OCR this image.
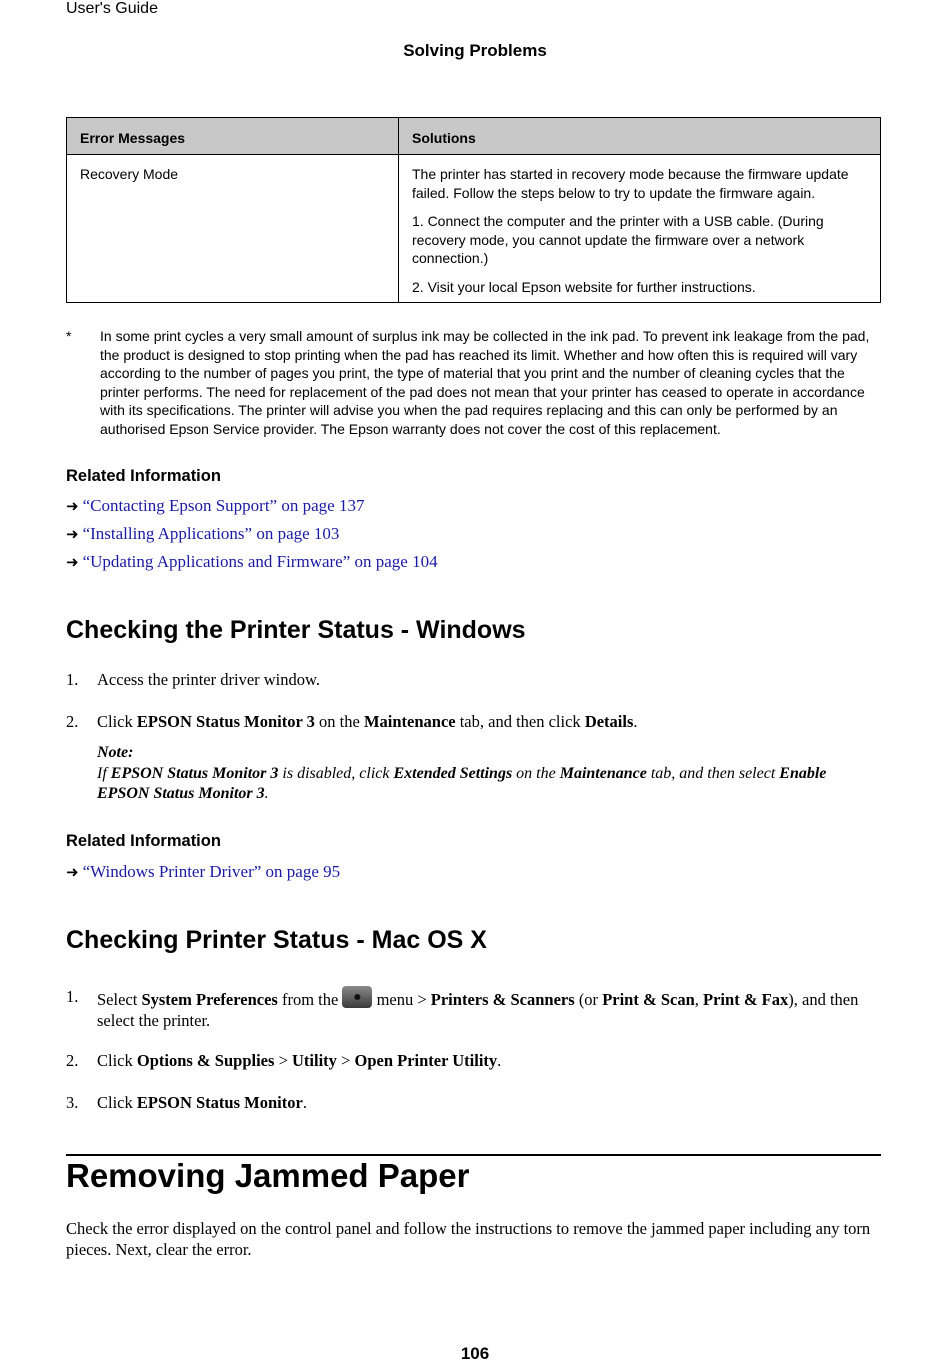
User's Guide
Solving Problems
Error Messages	Solutions
Recovery Mode	The printer has started in recovery mode because the firmware update failed. Follow the steps below to try to update the firmware again.

1. Connect the computer and the printer with a USB cable. (During recovery mode, you cannot update the firmware over a network connection.)

2. Visit your local Epson website for further instructions.

* In some print cycles a very small amount of surplus ink may be collected in the ink pad. To prevent ink leakage from the pad, the product is designed to stop printing when the pad has reached its limit. Whether and how often this is required will vary according to the number of pages you print, the type of material that you print and the number of cleaning cycles that the printer performs. The need for replacement of the pad does not mean that your printer has ceased to operate in accordance with its specifications. The printer will advise you when the pad requires replacing and this can only be performed by an authorised Epson Service provider. The Epson warranty does not cover the cost of this replacement.
Related Information
➜ “Contacting Epson Support” on page 137
➜ “Installing Applications” on page 103
➜ “Updating Applications and Firmware” on page 104
Checking the Printer Status - Windows
1. Access the printer driver window.
2. Click EPSON Status Monitor 3 on the Maintenance tab, and then click Details.
Note:
If EPSON Status Monitor 3 is disabled, click Extended Settings on the Maintenance tab, and then select Enable EPSON Status Monitor 3.
Related Information
➜ “Windows Printer Driver” on page 95
Checking Printer Status - Mac OS X
1. Select System Preferences from the ● menu > Printers & Scanners (or Print & Scan, Print & Fax), and then select the printer.
2. Click Options & Supplies > Utility > Open Printer Utility.
3. Click EPSON Status Monitor.
Removing Jammed Paper
Check the error displayed on the control panel and follow the instructions to remove the jammed paper including any torn pieces. Next, clear the error.
106
